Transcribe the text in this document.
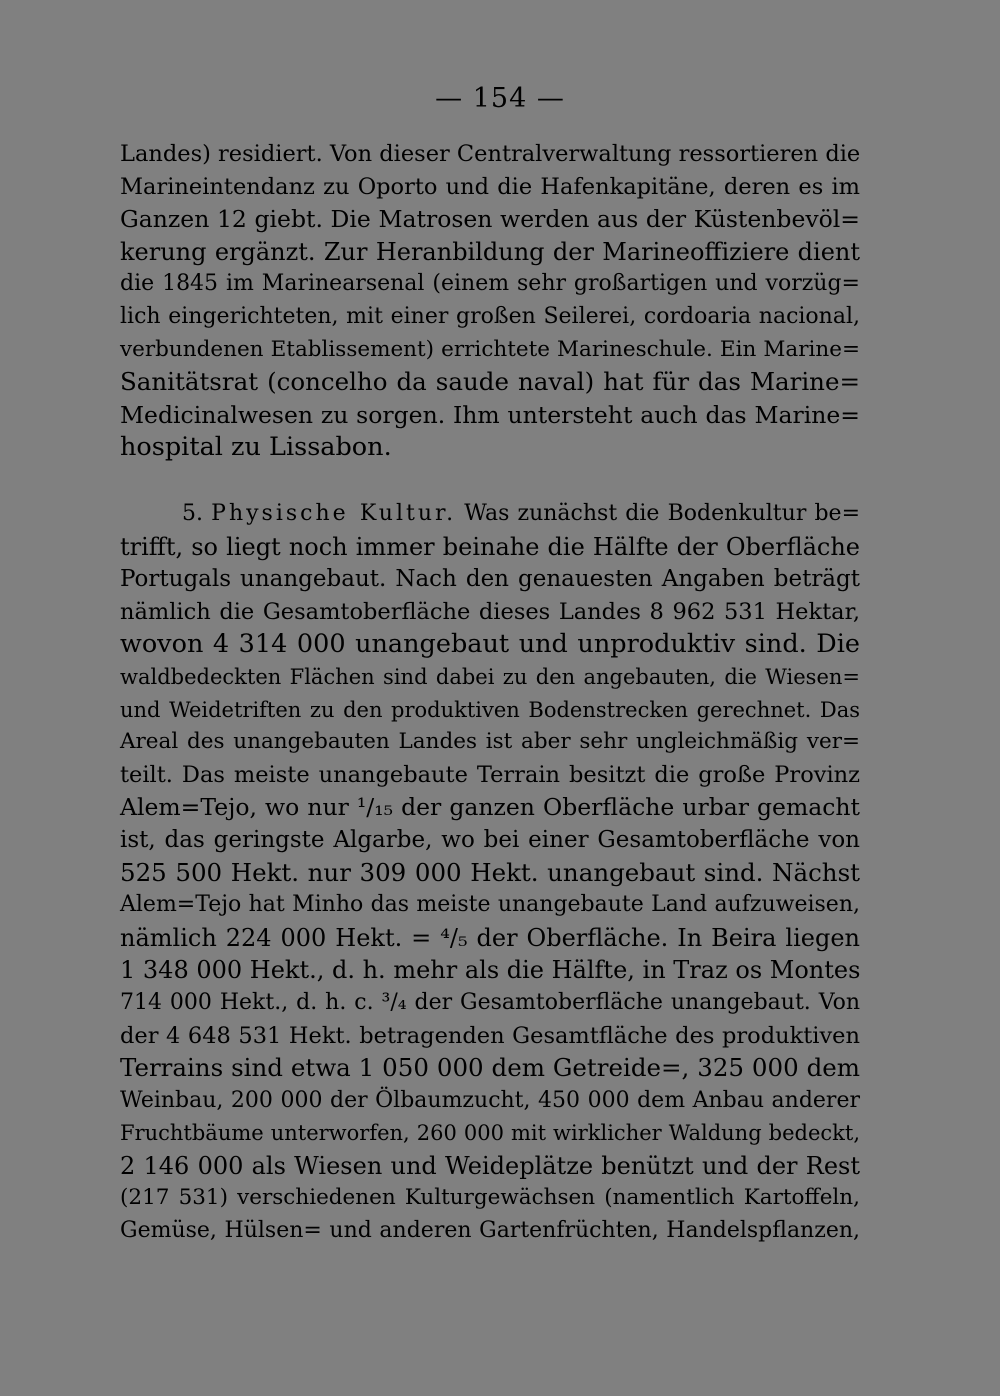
— 154 —
Landes) residiert. Von dieser Centralverwaltung ressortieren die
Marineintendanz zu Oporto und die Hafenkapitäne, deren es im
Ganzen 12 giebt. Die Matrosen werden aus der Küstenbevöl=
kerung ergänzt. Zur Heranbildung der Marineoffiziere dient
die 1845 im Marinearsenal (einem sehr großartigen und vorzüg=
lich eingerichteten, mit einer großen Seilerei, cordoaria nacional,
verbundenen Etablissement) errichtete Marineschule. Ein Marine=
Sanitätsrat (concelho da saude naval) hat für das Marine=
Medicinalwesen zu sorgen. Ihm untersteht auch das Marine=
hospital zu Lissabon.
5. Physische Kultur. Was zunächst die Bodenkultur be=
trifft, so liegt noch immer beinahe die Hälfte der Oberfläche
Portugals unangebaut. Nach den genauesten Angaben beträgt
nämlich die Gesamtoberfläche dieses Landes 8 962 531 Hektar,
wovon 4 314 000 unangebaut und unproduktiv sind. Die
waldbedeckten Flächen sind dabei zu den angebauten, die Wiesen=
und Weidetriften zu den produktiven Bodenstrecken gerechnet. Das
Areal des unangebauten Landes ist aber sehr ungleichmäßig ver=
teilt. Das meiste unangebaute Terrain besitzt die große Provinz
Alem=Tejo, wo nur ¹/₁₅ der ganzen Oberfläche urbar gemacht
ist, das geringste Algarbe, wo bei einer Gesamtoberfläche von
525 500 Hekt. nur 309 000 Hekt. unangebaut sind. Nächst
Alem=Tejo hat Minho das meiste unangebaute Land aufzuweisen,
nämlich 224 000 Hekt. = ⁴/₅ der Oberfläche. In Beira liegen
1 348 000 Hekt., d. h. mehr als die Hälfte, in Traz os Montes
714 000 Hekt., d. h. c. ³/₄ der Gesamtoberfläche unangebaut. Von
der 4 648 531 Hekt. betragenden Gesamtfläche des produktiven
Terrains sind etwa 1 050 000 dem Getreide=, 325 000 dem
Weinbau, 200 000 der Ölbaumzucht, 450 000 dem Anbau anderer
Fruchtbäume unterworfen, 260 000 mit wirklicher Waldung bedeckt,
2 146 000 als Wiesen und Weideplätze benützt und der Rest
(217 531) verschiedenen Kulturgewächsen (namentlich Kartoffeln,
Gemüse, Hülsen= und anderen Gartenfrüchten, Handelspflanzen,
